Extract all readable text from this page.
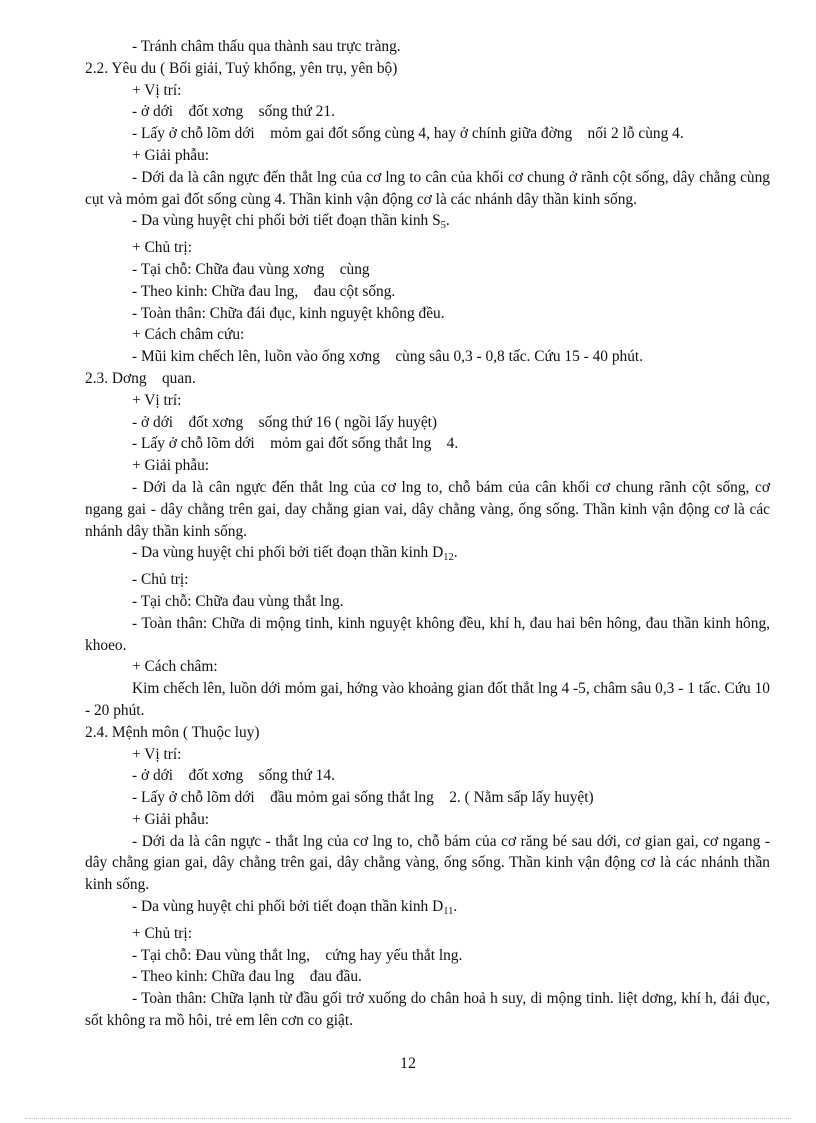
- Tránh châm thấu qua thành sau trực tràng.
2.2. Yêu du ( Bối giải, Tuỷ khổng, yên trụ, yên bộ)
+ Vị trí:
- ở dới    đốt xơng    sống thứ 21.
- Lấy ở chỗ lõm dới    mỏm gai đốt sống cùng 4, hay ở chính giữa đờng    nối 2 lỗ cùng 4.
+ Giải phẫu:
- Dới da là cân ngực đến thắt lng của cơ lng to cân của khối cơ chung ở rãnh cột sống, dây chằng cùng cụt và mỏm gai đốt sống cùng 4. Thần kinh vận động cơ là các nhánh dây thần kinh sống.
- Da vùng huyệt chi phối bởi tiết đoạn thần kinh $S_5$.
+ Chủ trị:
- Tại chỗ: Chữa đau vùng xơng    cùng
- Theo kinh: Chữa đau lng,    đau cột sống.
- Toàn thân: Chữa đái đục, kinh nguyệt không đều.
+ Cách châm cứu:
- Mũi kim chếch lên, luồn vào ống xơng    cùng sâu 0,3 - 0,8 tấc. Cứu 15 - 40 phút.
2.3. Dơng    quan.
+ Vị trí:
- ở dới    đốt xơng    sống thứ 16 ( ngồi lấy huyệt)
- Lấy ở chỗ lõm dới    mỏm gai đốt sống thắt lng    4.
+ Giải phẫu:
- Dới da là cân ngực đến thắt lng của cơ lng to, chỗ bám của cân khối cơ chung rãnh cột sống, cơ ngang gai - dây chằng trên gai, day chằng gian vai, dây chằng vàng, ống sống. Thần kinh vận động cơ là các nhánh dây thần kinh sống.
- Da vùng huyệt chi phối bởi tiết đoạn thần kinh $D_{12}$.
- Chủ trị:
- Tại chỗ: Chữa đau vùng thắt lng.
- Toàn thân: Chữa di mộng tinh, kinh nguyệt không đều, khí h, đau hai bên hông, đau thần kinh hông, khoeo.
+ Cách châm:
Kim chếch lên, luồn dới mỏm gai, hớng vào khoảng gian đốt thắt lng 4 -5, châm sâu 0,3 - 1 tấc. Cứu 10 - 20 phút.
2.4. Mệnh môn ( Thuộc luy)
+ Vị trí:
- ở dới    đốt xơng    sống thứ 14.
- Lấy ở chỗ lõm dới    đầu mỏm gai sống thắt lng    2. ( Nằm sấp lấy huyệt)
+ Giải phẫu:
- Dới da là cân ngực - thắt lng của cơ lng to, chỗ bám của cơ răng bé sau dới, cơ gian gai, cơ ngang - dây chằng gian gai, dây chằng trên gai, dây chằng vàng, ống sống. Thần kinh vận động cơ là các nhánh thần kinh sống.
- Da vùng huyệt chi phối bởi tiết đoạn thần kinh $D_{11}$.
+ Chủ trị:
- Tại chỗ: Đau vùng thắt lng,    cứng hay yếu thắt lng.
- Theo kinh: Chữa đau lng    đau đầu.
- Toàn thân: Chữa lạnh từ đầu gối trở xuống do chân hoả h suy, di mộng tinh. liệt dơng, khí h, đái đục, sốt không ra mồ hôi, trẻ em lên cơn co giật.
12
